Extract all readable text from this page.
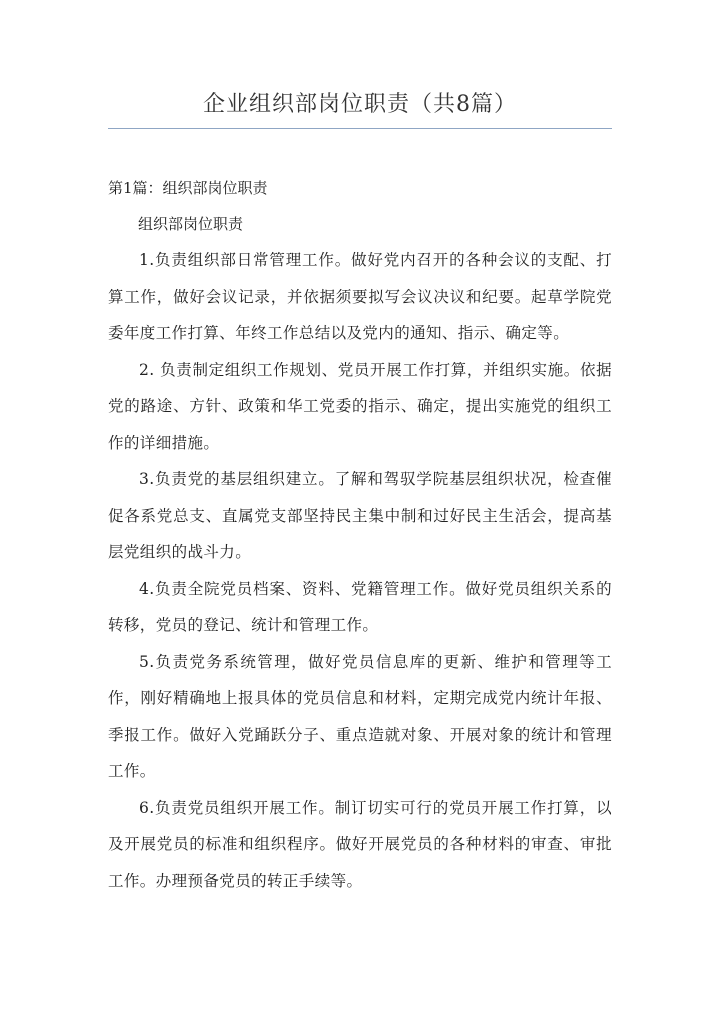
企业组织部岗位职责（共8篇）

第1篇：组织部岗位职责

组织部岗位职责

1.负责组织部日常管理工作。做好党内召开的各种会议的支配、打算工作，做好会议记录，并依据须要拟写会议决议和纪要。起草学院党委年度工作打算、年终工作总结以及党内的通知、指示、确定等。

2. 负责制定组织工作规划、党员开展工作打算，并组织实施。依据党的路途、方针、政策和华工党委的指示、确定，提出实施党的组织工作的详细措施。

3.负责党的基层组织建立。了解和驾驭学院基层组织状况，检查催促各系党总支、直属党支部坚持民主集中制和过好民主生活会，提高基层党组织的战斗力。

4.负责全院党员档案、资料、党籍管理工作。做好党员组织关系的转移，党员的登记、统计和管理工作。

5.负责党务系统管理，做好党员信息库的更新、维护和管理等工作，刚好精确地上报具体的党员信息和材料，定期完成党内统计年报、季报工作。做好入党踊跃分子、重点造就对象、开展对象的统计和管理工作。

6.负责党员组织开展工作。制订切实可行的党员开展工作打算，以及开展党员的标准和组织程序。做好开展党员的各种材料的审查、审批工作。办理预备党员的转正手续等。
